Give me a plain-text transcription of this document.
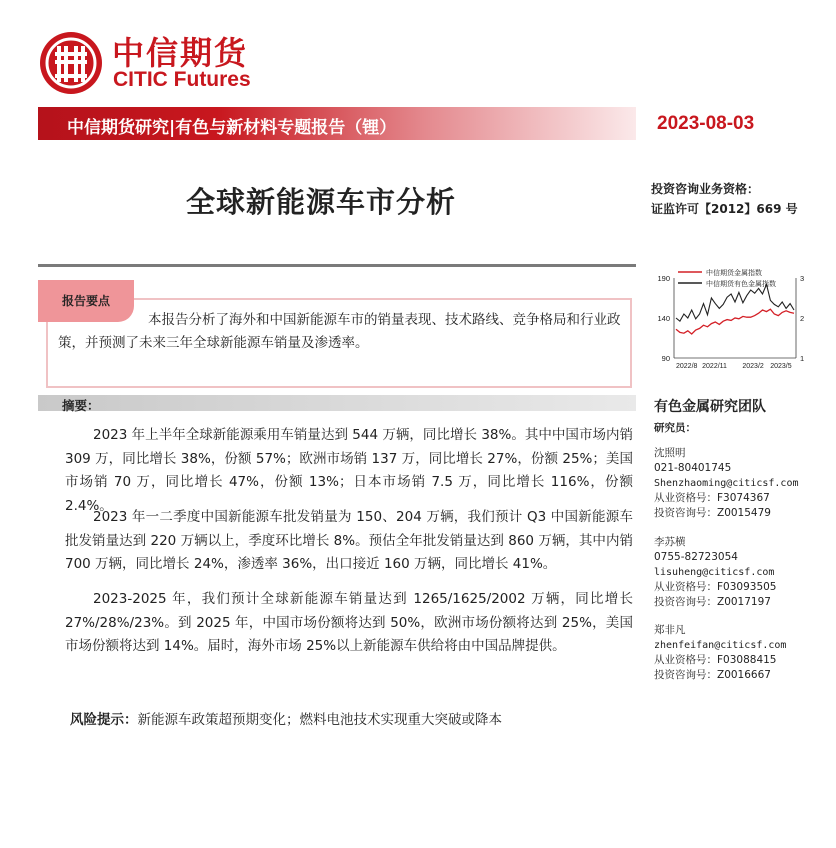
中信期货
CITIC Futures
中信期货研究|有色与新材料专题报告（锂）	2023-08-03
全球新能源车市分析	投资咨询业务资格：
证监许可【2012】669 号
报告要点
本报告分析了海外和中国新能源车市的销量表现、技术路线、竞争格局和行业政策，并预测了未来三年全球新能源车销量及渗透率。
摘要：
2023 年上半年全球新能源乘用车销量达到 544 万辆，同比增长 38%。其中中国市场内销 309 万，同比增长 38%，份额 57%；欧洲市场销 137 万，同比增长 27%，份额 25%；美国市场销 70 万，同比增长 47%，份额 13%；日本市场销 7.5 万，同比增长 116%，份额 2.4%。
2023 年一二季度中国新能源车批发销量为 150、204 万辆，我们预计 Q3 中国新能源车批发销量达到 220 万辆以上，季度环比增长 8%。预估全年批发销量达到 860 万辆，其中内销 700 万辆，同比增长 24%，渗透率 36%，出口接近 160 万辆，同比增长 41%。
2023-2025 年，我们预计全球新能源车销量达到 1265/1625/2002 万辆，同比增长 27%/28%/23%。到 2025 年，中国市场份额将达到 50%，欧洲市场份额将达到 25%，美国市场份额将达到 14%。届时，海外市场 25%以上新能源车供给将由中国品牌提供。
风险提示：新能源车政策超预期变化；燃料电池技术实现重大突破或降本
190
140
90
3
2
1
2022/8 2022/11 2023/2 2023/5
中信期货金属指数
中信期货有色金属指数
有色金属研究团队
研究员：
沈照明
021-80401745
Shenzhaoming@citicsf.com
从业资格号：F3074367
投资咨询号：Z0015479
李苏横
0755-82723054
lisuheng@citicsf.com
从业资格号：F03093505
投资咨询号：Z0017197
郑非凡
zhenfeifan@citicsf.com
从业资格号：F03088415
投资咨询号：Z0016667
